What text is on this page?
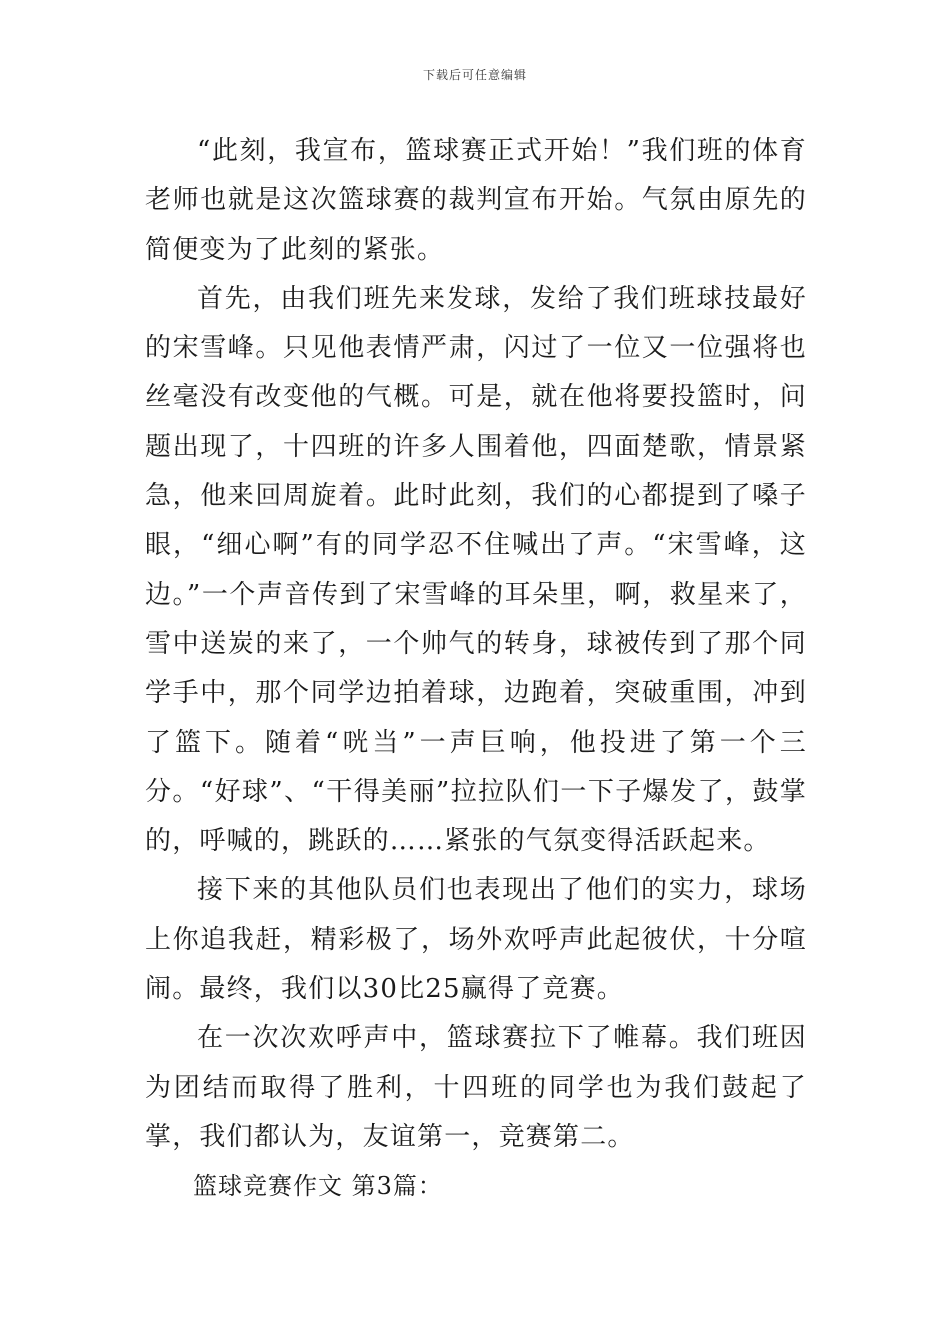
下载后可任意编辑

“此刻，我宣布，篮球赛正式开始！”我们班的体育老师也就是这次篮球赛的裁判宣布开始。气氛由原先的简便变为了此刻的紧张。

首先，由我们班先来发球，发给了我们班球技最好的宋雪峰。只见他表情严肃，闪过了一位又一位强将也丝毫没有改变他的气概。可是，就在他将要投篮时，问题出现了，十四班的许多人围着他，四面楚歌，情景紧急，他来回周旋着。此时此刻，我们的心都提到了嗓子眼，“细心啊”有的同学忍不住喊出了声。“宋雪峰，这边。”一个声音传到了宋雪峰的耳朵里，啊，救星来了，雪中送炭的来了，一个帅气的转身，球被传到了那个同学手中，那个同学边拍着球，边跑着，突破重围，冲到了篮下。随着“咣当”一声巨响，他投进了第一个三分。“好球”、“干得美丽”拉拉队们一下子爆发了，鼓掌的，呼喊的，跳跃的……紧张的气氛变得活跃起来。

接下来的其他队员们也表现出了他们的实力，球场上你追我赶，精彩极了，场外欢呼声此起彼伏，十分喧闹。最终，我们以30比25赢得了竞赛。

在一次次欢呼声中，篮球赛拉下了帷幕。我们班因为团结而取得了胜利，十四班的同学也为我们鼓起了掌，我们都认为，友谊第一，竞赛第二。

篮球竞赛作文 第3篇：
